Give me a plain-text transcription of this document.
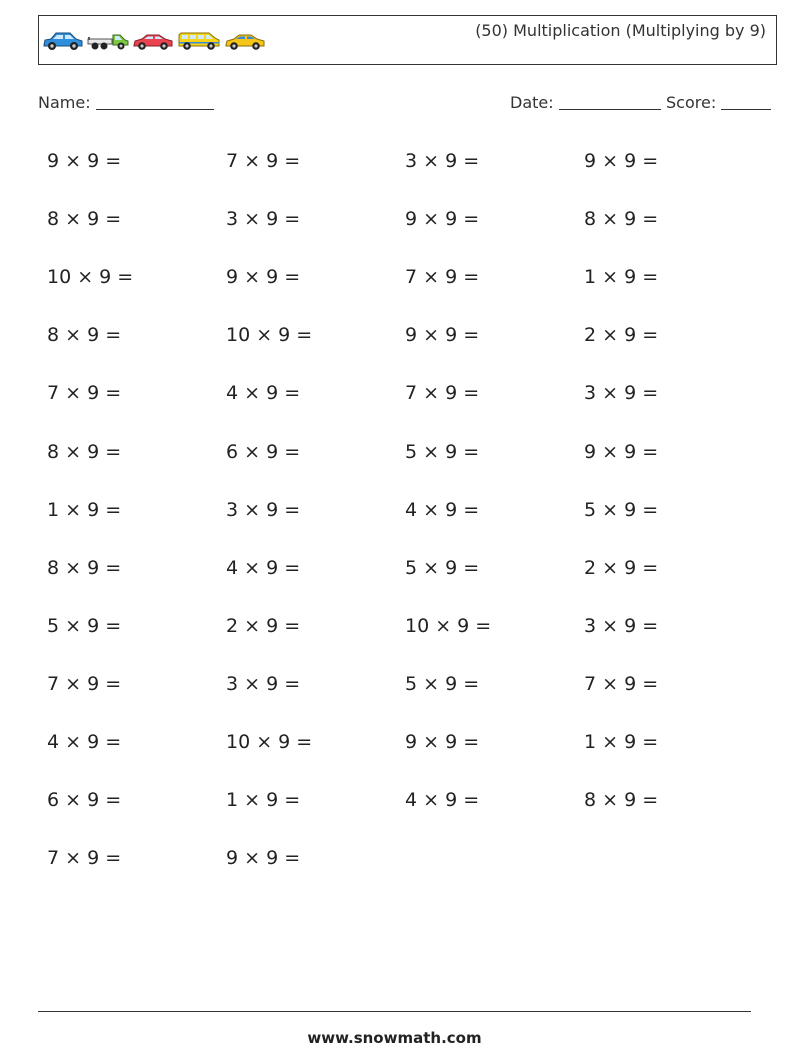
(50) Multiplication (Multiplying by 9)
Name:	Date:	Score:
9 × 9 =	7 × 9 =	3 × 9 =	9 × 9 =
8 × 9 =	3 × 9 =	9 × 9 =	8 × 9 =
10 × 9 =	9 × 9 =	7 × 9 =	1 × 9 =
8 × 9 =	10 × 9 =	9 × 9 =	2 × 9 =
7 × 9 =	4 × 9 =	7 × 9 =	3 × 9 =
8 × 9 =	6 × 9 =	5 × 9 =	9 × 9 =
1 × 9 =	3 × 9 =	4 × 9 =	5 × 9 =
8 × 9 =	4 × 9 =	5 × 9 =	2 × 9 =
5 × 9 =	2 × 9 =	10 × 9 =	3 × 9 =
7 × 9 =	3 × 9 =	5 × 9 =	7 × 9 =
4 × 9 =	10 × 9 =	9 × 9 =	1 × 9 =
6 × 9 =	1 × 9 =	4 × 9 =	8 × 9 =
7 × 9 =	9 × 9 =
www.snowmath.com
